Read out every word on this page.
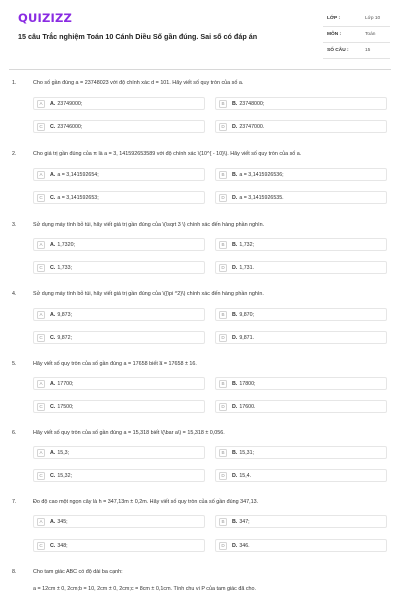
QUIZIZZ
15 câu Trắc nghiệm Toán 10 Cánh Diều Số gần đúng. Sai số có đáp án
LỚP :	Lớp 10
MÔN :	Toán
SỐ CÂU :	15
1.	Cho số gần đúng a = 23748023 với độ chính xác d = 101. Hãy viết số quy tròn của số a.
A	A. 23749000;	B	B. 23748000;
C	C. 23746000;	D	D. 23747000.
2.	Cho giá trị gần đúng của π là a = 3, 141592653589 với độ chính xác \(10^{ - 10}\). Hãy viết số quy tròn của số a.
A	A. a = 3,141592654;	B	B. a = 3,1415926536;
C	C. a = 3,141592653;	D	D. a = 3,1415926535.
3.	Sử dụng máy tính bỏ túi, hãy viết giá trị gần đúng của \(\sqrt 3 \) chính xác đến hàng phần nghìn.
A	A. 1,7320;	B	B. 1,732;
C	C. 1,733;	D	D. 1,731.
4.	Sử dụng máy tính bỏ túi, hãy viết giá trị gần đúng của \({\pi ^2}\) chính xác đến hàng phần nghìn.
A	A. 9,873;	B	B. 9,870;
C	C. 9,872;	D	D. 9,871.
5.	Hãy viết số quy tròn của số gần đúng a = 17658 biết a̅ = 17658 ± 16.
A	A. 17700;	B	B. 17800;
C	C. 17500;	D	D. 17600.
6.	Hãy viết số quy tròn của số gần đúng a = 15,318 biết \(\bar a\) = 15,318 ± 0,056.
A	A. 15,3;	B	B. 15,31;
C	C. 15,32;	D	D. 15,4.
7.	Đo độ cao một ngọn cây là h = 347,13m ± 0,2m. Hãy viết số quy tròn của số gần đúng 347,13.
A	A. 345;	B	B. 347;
C	C. 348;	D	D. 346.
8.	Cho tam giác ABC có độ dài ba cạnh:
a = 12cm ± 0, 2cm;b = 10, 2cm ± 0, 2cm;c = 8cm ± 0,1cm. Tính chu vi P của tam giác đã cho.
